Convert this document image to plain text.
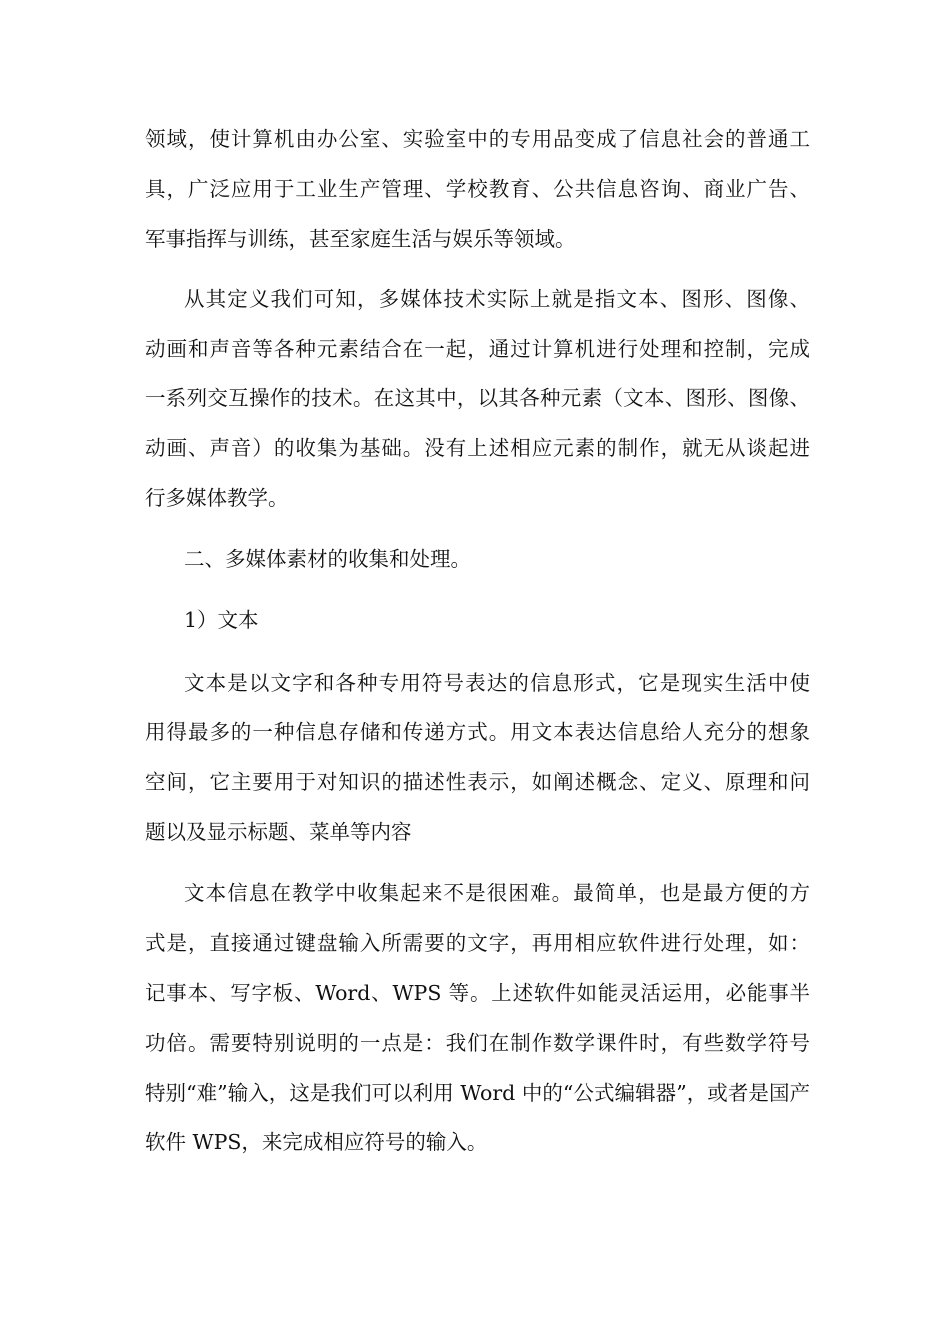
领域，使计算机由办公室、实验室中的专用品变成了信息社会的普通工
具，广泛应用于工业生产管理、学校教育、公共信息咨询、商业广告、
军事指挥与训练，甚至家庭生活与娱乐等领域。
从其定义我们可知，多媒体技术实际上就是指文本、图形、图像、
动画和声音等各种元素结合在一起，通过计算机进行处理和控制，完成
一系列交互操作的技术。在这其中，以其各种元素（文本、图形、图像、
动画、声音）的收集为基础。没有上述相应元素的制作，就无从谈起进
行多媒体教学。
二、多媒体素材的收集和处理。
1）文本
文本是以文字和各种专用符号表达的信息形式，它是现实生活中使
用得最多的一种信息存储和传递方式。用文本表达信息给人充分的想象
空间，它主要用于对知识的描述性表示，如阐述概念、定义、原理和问
题以及显示标题、菜单等内容
文本信息在教学中收集起来不是很困难。最简单，也是最方便的方
式是，直接通过键盘输入所需要的文字，再用相应软件进行处理，如：
记事本、写字板、Word、WPS 等。上述软件如能灵活运用，必能事半
功倍。需要特别说明的一点是：我们在制作数学课件时，有些数学符号
特别“难”输入，这是我们可以利用 Word 中的“公式编辑器”，或者是国产
软件 WPS，来完成相应符号的输入。
